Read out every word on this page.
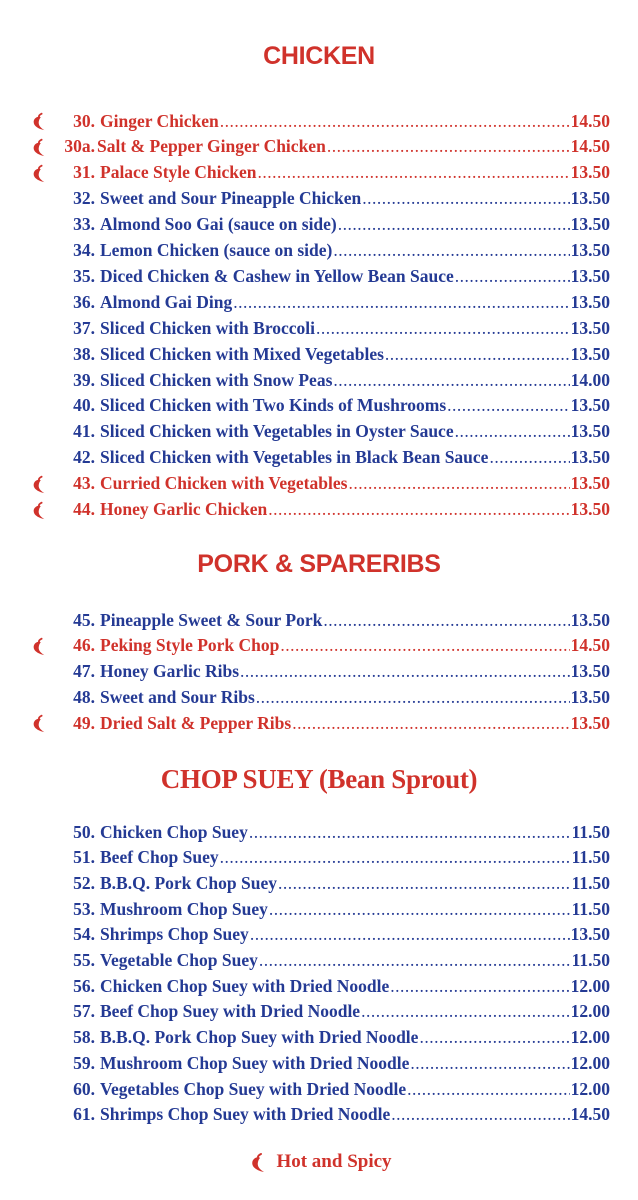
CHICKEN
30. Ginger Chicken .....	14.50
30a. Salt & Pepper Ginger Chicken .....	14.50
31. Palace Style Chicken .....	13.50
32. Sweet and Sour Pineapple Chicken .....	13.50
33. Almond Soo Gai (sauce on side) .....	13.50
34. Lemon Chicken (sauce on side) .....	13.50
35. Diced Chicken & Cashew in Yellow Bean Sauce .....	13.50
36. Almond Gai Ding .....	13.50
37. Sliced Chicken with Broccoli .....	13.50
38. Sliced Chicken with Mixed Vegetables .....	13.50
39. Sliced Chicken with Snow Peas .....	14.00
40. Sliced Chicken with Two Kinds of Mushrooms .....	13.50
41. Sliced Chicken with Vegetables in Oyster Sauce .....	13.50
42. Sliced Chicken with Vegetables in Black Bean Sauce .....	13.50
43. Curried Chicken with Vegetables .....	13.50
44. Honey Garlic Chicken .....	13.50
PORK & SPARERIBS
45. Pineapple Sweet & Sour Pork .....	13.50
46. Peking Style Pork Chop .....	14.50
47. Honey Garlic Ribs .....	13.50
48. Sweet and Sour Ribs .....	13.50
49. Dried Salt & Pepper Ribs .....	13.50
CHOP SUEY (Bean Sprout)
50. Chicken Chop Suey .....	11.50
51. Beef Chop Suey .....	11.50
52. B.B.Q. Pork Chop Suey .....	11.50
53. Mushroom Chop Suey .....	11.50
54. Shrimps Chop Suey .....	13.50
55. Vegetable Chop Suey .....	11.50
56. Chicken Chop Suey with Dried Noodle .....	12.00
57. Beef Chop Suey with Dried Noodle .....	12.00
58. B.B.Q. Pork Chop Suey with Dried Noodle .....	12.00
59. Mushroom Chop Suey with Dried Noodle .....	12.00
60. Vegetables Chop Suey with Dried Noodle .....	12.00
61. Shrimps Chop Suey with Dried Noodle .....	14.50
Hot and Spicy
